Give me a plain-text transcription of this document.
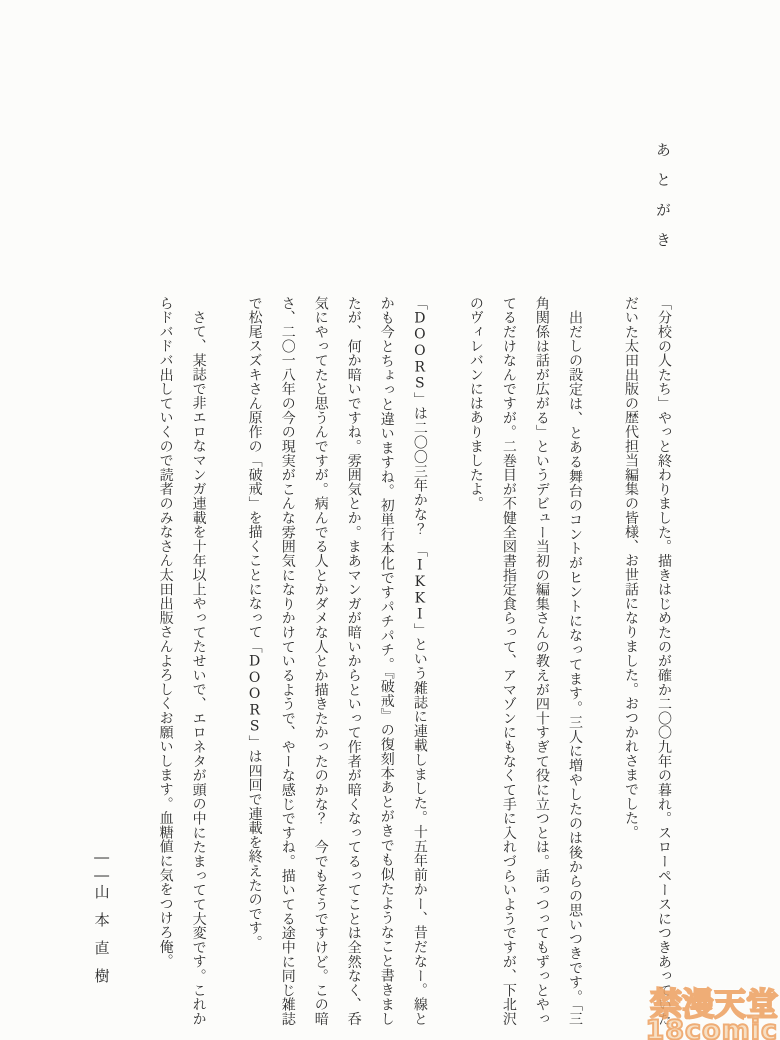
あとがき

「分校の人たち」やっと終わりました。描きはじめたのが確か二〇〇九年の暮れ。スローペースにつきあっていただいた太田出版の歴代担当編集の皆様、お世話になりました。おつかれさまでした。

出だしの設定は、とある舞台のコントがヒントになってます。三人に増やしたのは後からの思いつきです。「三角関係は話が広がる」というデビュー当初の編集さんの教えが四十すぎて役に立つとは。話っつってもずっとやってるだけなんですが。二巻目が不健全図書指定食らって、アマゾンにもなくて手に入れづらいようですが、下北沢のヴィレバンにはありましたよ。

「DOORS」は二〇〇三年かな？　「IKKI」という雑誌に連載しました。十五年前かー、昔だなー。線とかも今とちょっと違いますね。初単行本化ですパチパチ。『破戒』の復刻本あとがきでも似たようなこと書きましたが、何か暗いですね。雰囲気とか。まあマンガが暗いからといって作者が暗くなってるってことは全然なく、呑気にやってたと思うんですが。病んでる人とかダメな人とか描きたかったのかな？　今でもそうですけど。この暗さ、二〇一八年の今の現実がこんな雰囲気になりかけているようで、やーな感じですね。描いてる途中に同じ雑誌で松尾スズキさん原作の「破戒」を描くことになって「DOORS」は四回で連載を終えたのです。

さて、某誌で非エロなマンガ連載を十年以上やってたせいで、エロネタが頭の中にたまってて大変です。これからドバドバ出していくので読者のみなさん太田出版さんよろしくお願いします。血糖値に気をつけろ俺。

――山本直樹

禁漫天堂
18comic
